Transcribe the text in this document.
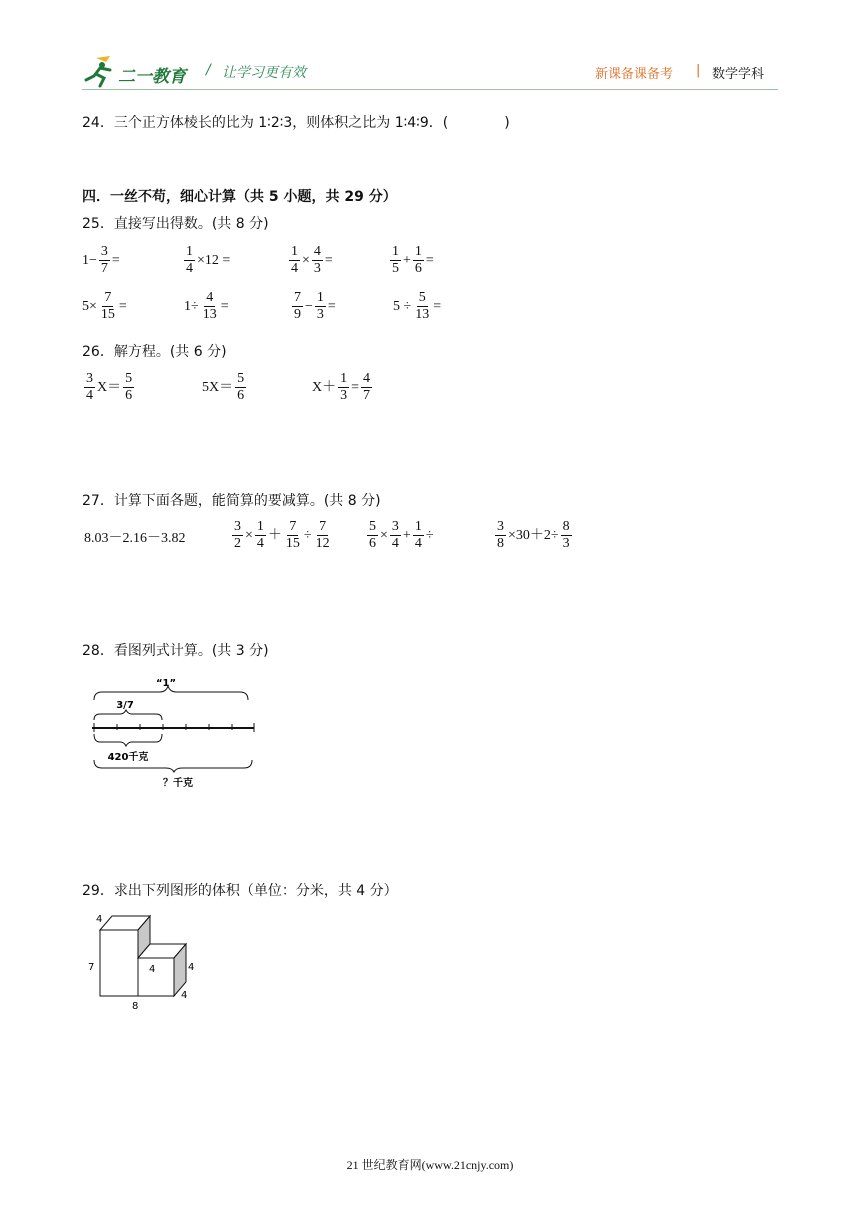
二一教育 / 让学习更有效	新课备课备考 | 数学学科
24．三个正方体棱长的比为 1∶2∶3，则体积之比为 1∶4∶9．(　　　　)
四．一丝不苟，细心计算（共 5 小题，共 29 分）
25．直接写出得数。(共 8 分)
$1 - \frac{3}{7}$ =	$\frac{1}{4} \times 12$ =	$\frac{1}{4} \times \frac{4}{3}$ =	$\frac{1}{5} + \frac{1}{6}$ =
$5\times \frac{7}{15}$ =	$1\div \frac{4}{13}$ =	$\frac{7}{9} - \frac{1}{3}$ =	$5 \div \frac{5}{13}$ =
26．解方程。(共 6 分)
$\frac{3}{4} X= \frac{5}{6}$	$5X= \frac{5}{6}$	$X+ \frac{1}{3} = \frac{4}{7}$
27．计算下面各题，能简算的要减算。(共 8 分)
8.03－2.16－3.82	$\frac{3}{2} \times \frac{1}{4} + \frac{7}{15} \div \frac{7}{12}$	$\frac{5}{6} \times \frac{3}{4} + \frac{1}{4}$ ÷	$\frac{3}{8} \times 30+2\div \frac{8}{3}$
28．看图列式计算。(共 3 分)
“1”
3/7
420千克
？千克
29．求出下列图形的体积（单位：分米，共 4 分）
4
7	4	4
4
8
21 世纪教育网(www.21cnjy.com)
